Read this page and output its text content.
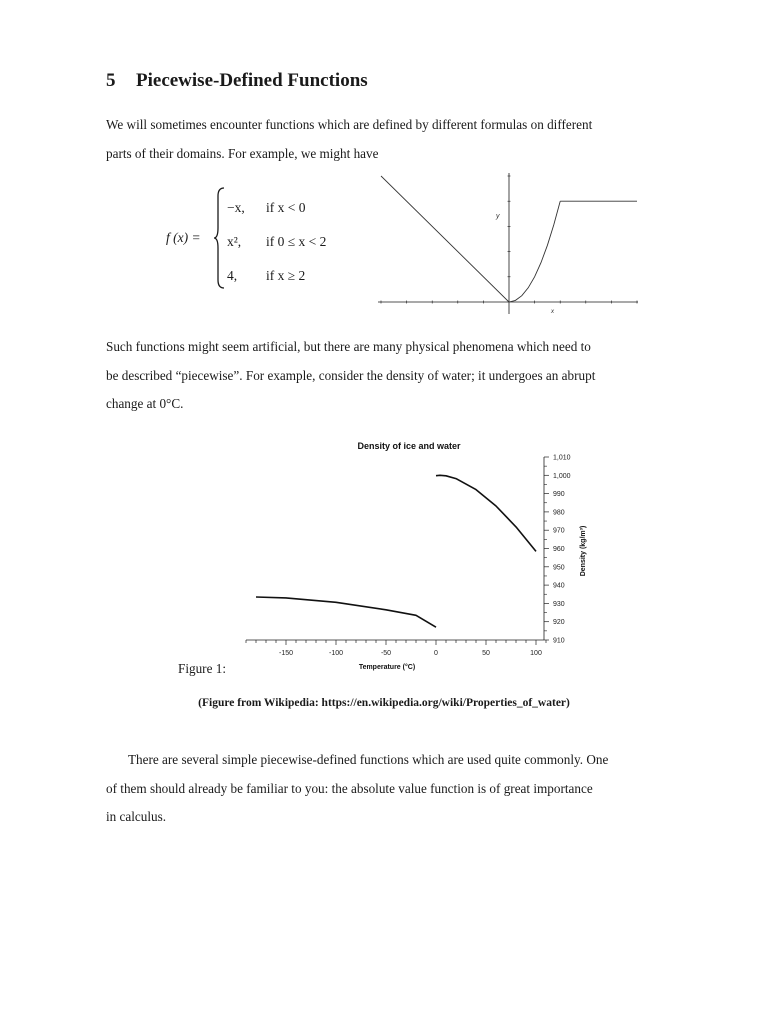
5 Piecewise-Defined Functions
We will sometimes encounter functions which are defined by different formulas on different
parts of their domains. For example, we might have
f (x) =
−x, if x < 0
x², if 0 ≤ x < 2
4, if x ≥ 2
y
x
Such functions might seem artificial, but there are many physical phenomena which need to
be described “piecewise”. For example, consider the density of water; it undergoes an abrupt
change at 0°C.
Density of ice and water
-150	-100	-50	0	50	100
910
920
930
940
950
960
970
980
990
1,000
1,010
Temperature (°C)
Density (kg/m³)
Figure 1:
(Figure from Wikipedia: https://en.wikipedia.org/wiki/Properties_of_water)
There are several simple piecewise-defined functions which are used quite commonly. One
of them should already be familiar to you: the absolute value function is of great importance
in calculus.
